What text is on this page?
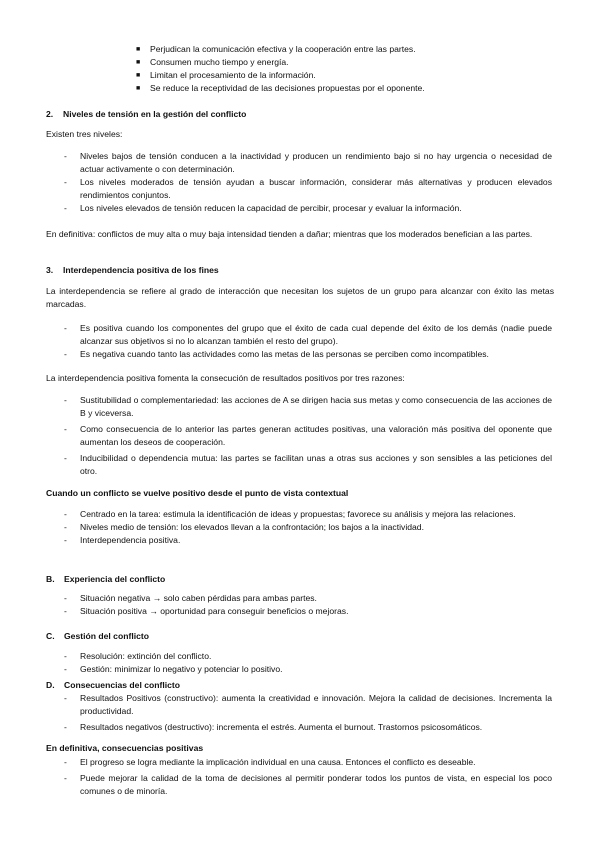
■	Perjudican la comunicación efectiva y la cooperación entre las partes.
■	Consumen mucho tiempo y energía.
■	Limitan el procesamiento de la información.
■	Se reduce la receptividad de las decisiones propuestas por el oponente.
2. Niveles de tensión en la gestión del conflicto
Existen tres niveles:
-	Niveles bajos de tensión conducen a la inactividad y producen un rendimiento bajo si no hay urgencia o necesidad de actuar activamente o con determinación.
-	Los niveles moderados de tensión ayudan a buscar información, considerar más alternativas y producen elevados rendimientos conjuntos.
-	Los niveles elevados de tensión reducen la capacidad de percibir, procesar y evaluar la información.
En definitiva: conflictos de muy alta o muy baja intensidad tienden a dañar; mientras que los moderados benefician a las partes.
3. Interdependencia positiva de los fines
La interdependencia se refiere al grado de interacción que necesitan los sujetos de un grupo para alcanzar con éxito las metas marcadas.
-	Es positiva cuando los componentes del grupo que el éxito de cada cual depende del éxito de los demás (nadie puede alcanzar sus objetivos si no lo alcanzan también el resto del grupo).
-	Es negativa cuando tanto las actividades como las metas de las personas se perciben como incompatibles.
La interdependencia positiva fomenta la consecución de resultados positivos por tres razones:
-	Sustitubilidad o complementariedad: las acciones de A se dirigen hacia sus metas y como consecuencia de las acciones de B y viceversa.
-	Como consecuencia de lo anterior las partes generan actitudes positivas, una valoración más positiva del oponente que aumentan los deseos de cooperación.
-	Inducibilidad o dependencia mutua: las partes se facilitan unas a otras sus acciones y son sensibles a las peticiones del otro.
Cuando un conflicto se vuelve positivo desde el punto de vista contextual
-	Centrado en la tarea: estimula la identificación de ideas y propuestas; favorece su análisis y mejora las relaciones.
-	Niveles medio de tensión: los elevados llevan a la confrontación; los bajos a la inactividad.
-	Interdependencia positiva.
B. Experiencia del conflicto
-	Situación negativa → solo caben pérdidas para ambas partes.
-	Situación positiva → oportunidad para conseguir beneficios o mejoras.
C. Gestión del conflicto
-	Resolución: extinción del conflicto.
-	Gestión: minimizar lo negativo y potenciar lo positivo.
D. Consecuencias del conflicto
-	Resultados Positivos (constructivo): aumenta la creatividad e innovación. Mejora la calidad de decisiones. Incrementa la productividad.
-	Resultados negativos (destructivo): incrementa el estrés. Aumenta el burnout. Trastornos psicosomáticos.
En definitiva, consecuencias positivas
-	El progreso se logra mediante la implicación individual en una causa. Entonces el conflicto es deseable.
-	Puede mejorar la calidad de la toma de decisiones al permitir ponderar todos los puntos de vista, en especial los poco comunes o de minoría.
